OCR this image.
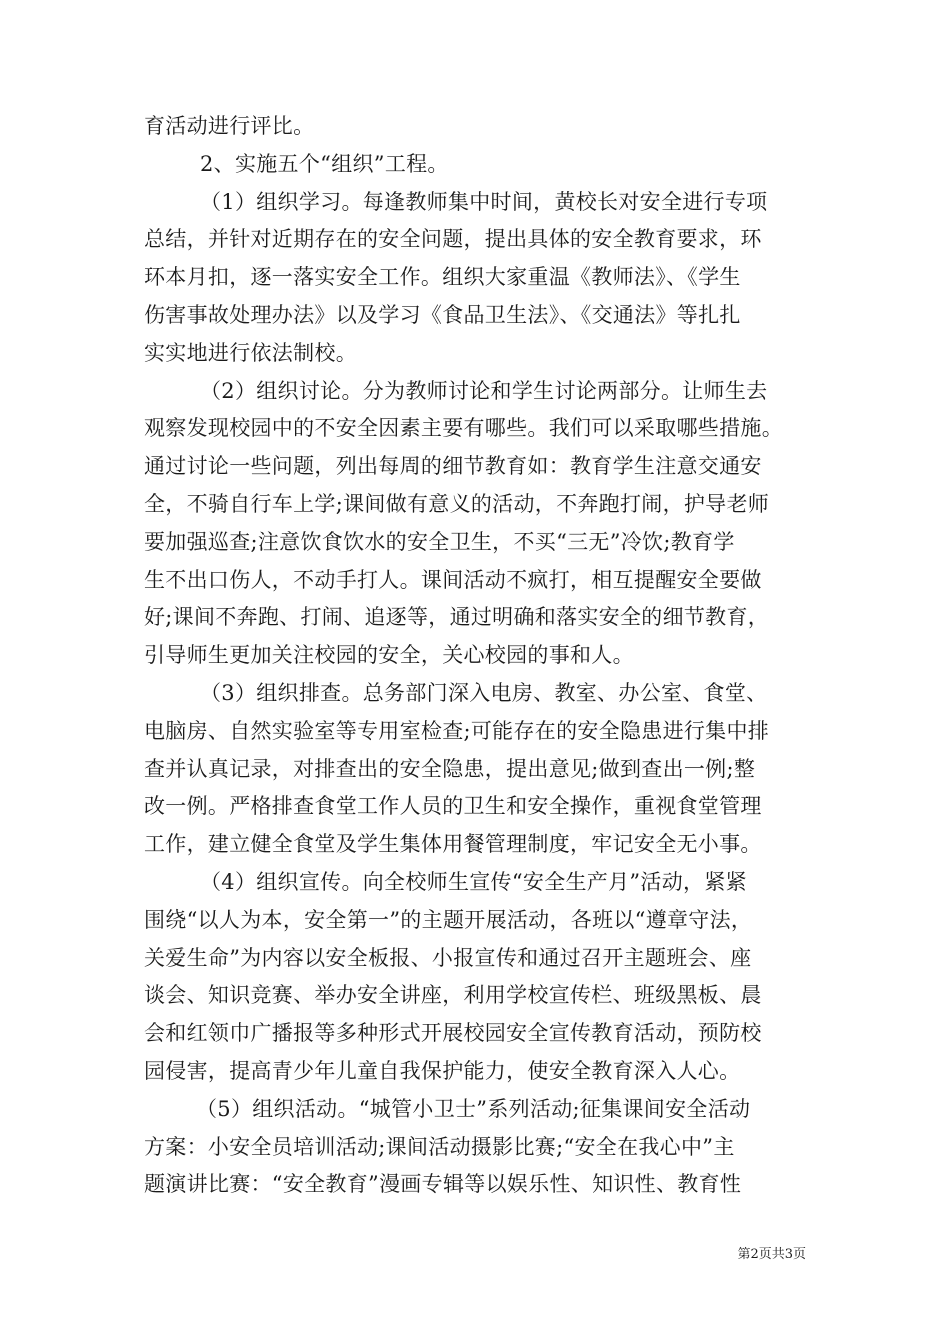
育活动进行评比。
2、实施五个“组织”工程。
（1）组织学习。每逢教师集中时间，黄校长对安全进行专项
总结，并针对近期存在的安全问题，提出具体的安全教育要求，环
环本月扣，逐一落实安全工作。组织大家重温《教师法》、《学生
伤害事故处理办法》以及学习《食品卫生法》、《交通法》等扎扎
实实地进行依法制校。
（2）组织讨论。分为教师讨论和学生讨论两部分。让师生去
观察发现校园中的不安全因素主要有哪些。我们可以采取哪些措施。
通过讨论一些问题，列出每周的细节教育如：教育学生注意交通安
全，不骑自行车上学;课间做有意义的活动，不奔跑打闹，护导老师
要加强巡查;注意饮食饮水的安全卫生，不买“三无”冷饮;教育学
生不出口伤人，不动手打人。课间活动不疯打，相互提醒安全要做
好;课间不奔跑、打闹、追逐等，通过明确和落实安全的细节教育，
引导师生更加关注校园的安全，关心校园的事和人。
（3）组织排查。总务部门深入电房、教室、办公室、食堂、
电脑房、自然实验室等专用室检查;可能存在的安全隐患进行集中排
查并认真记录，对排查出的安全隐患，提出意见;做到查出一例;整
改一例。严格排查食堂工作人员的卫生和安全操作，重视食堂管理
工作，建立健全食堂及学生集体用餐管理制度，牢记安全无小事。
（4）组织宣传。向全校师生宣传“安全生产月”活动，紧紧
围绕“以人为本，安全第一”的主题开展活动，各班以“遵章守法，
关爱生命”为内容以安全板报、小报宣传和通过召开主题班会、座
谈会、知识竞赛、举办安全讲座，利用学校宣传栏、班级黑板、晨
会和红领巾广播报等多种形式开展校园安全宣传教育活动，预防校
园侵害，提高青少年儿童自我保护能力，使安全教育深入人心。
（5）组织活动。“城管小卫士”系列活动;征集课间安全活动
方案：小安全员培训活动;课间活动摄影比赛;“安全在我心中”主
题演讲比赛：“安全教育”漫画专辑等以娱乐性、知识性、教育性
第2页共3页
